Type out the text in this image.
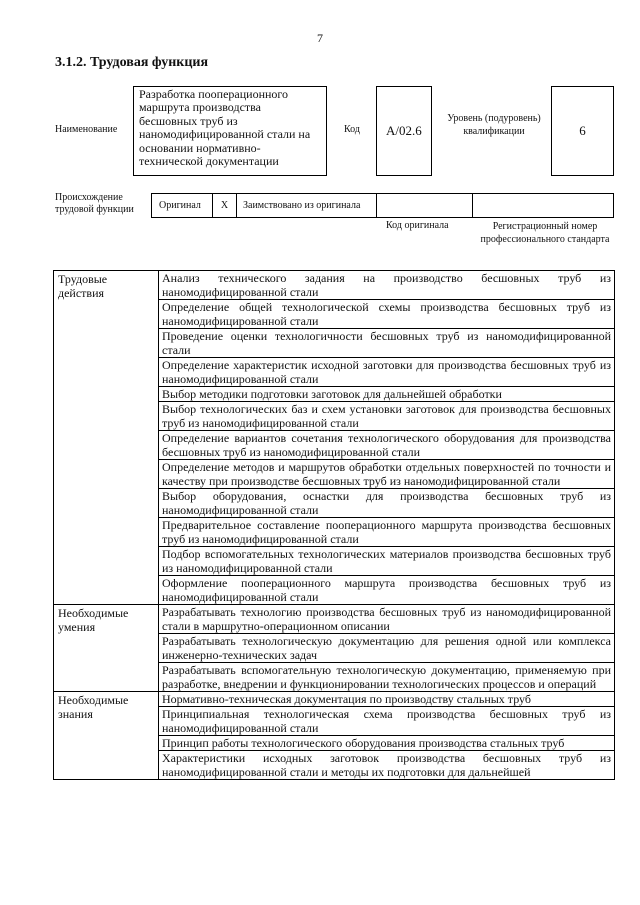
7
3.1.2. Трудовая функция
Наименование
Разработка пооперационного маршрута производства бесшовных труб из наномодифицированной стали на основании нормативно-технической документации
Код	A/02.6
Уровень (подуровень) квалификации	6
Происхождение трудовой функции	Оригинал	X	Заимствовано из оригинала
Код оригинала	Регистрационный номер профессионального стандарта
Трудовые действия	Анализ технического задания на производство бесшовных труб из наномодифицированной стали
	Определение общей технологической схемы производства бесшовных труб из наномодифицированной стали
	Проведение оценки технологичности бесшовных труб из наномодифицированной стали
	Определение характеристик исходной заготовки для производства бесшовных труб из наномодифицированной стали
	Выбор методики подготовки заготовок для дальнейшей обработки
	Выбор технологических баз и схем установки заготовок для производства бесшовных труб из наномодифицированной стали
	Определение вариантов сочетания технологического оборудования для производства бесшовных труб из наномодифицированной стали
	Определение методов и маршрутов обработки отдельных поверхностей по точности и качеству при производстве бесшовных труб из наномодифицированной стали
	Выбор оборудования, оснастки для производства бесшовных труб из наномодифицированной стали
	Предварительное составление пооперационного маршрута производства бесшовных труб из наномодифицированной стали
	Подбор вспомогательных технологических материалов производства бесшовных труб из наномодифицированной стали
	Оформление пооперационного маршрута производства бесшовных труб из наномодифицированной стали
Необходимые умения	Разрабатывать технологию производства бесшовных труб из наномодифицированной стали в маршрутно-операционном описании
	Разрабатывать технологическую документацию для решения одной или комплекса инженерно-технических задач
	Разрабатывать вспомогательную технологическую документацию, применяемую при разработке, внедрении и функционировании технологических процессов и операций
Необходимые знания	Нормативно-техническая документация по производству стальных труб
	Принципиальная технологическая схема производства бесшовных труб из наномодифицированной стали
	Принцип работы технологического оборудования производства стальных труб
	Характеристики исходных заготовок производства бесшовных труб из наномодифицированной стали и методы их подготовки для дальнейшей
